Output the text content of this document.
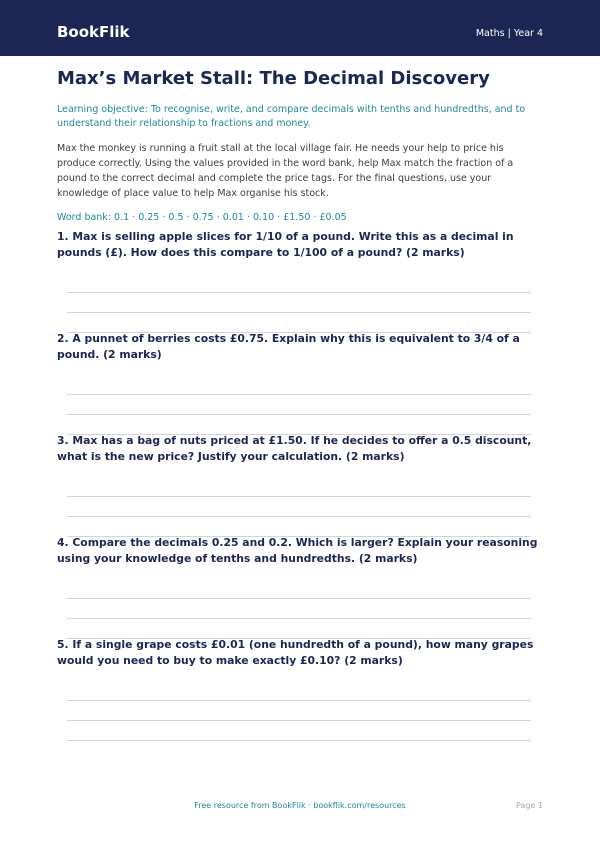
BookFlik	Maths | Year 4
Max’s Market Stall: The Decimal Discovery
Learning objective: To recognise, write, and compare decimals with tenths and hundredths, and to understand their relationship to fractions and money.
Max the monkey is running a fruit stall at the local village fair. He needs your help to price his produce correctly. Using the values provided in the word bank, help Max match the fraction of a pound to the correct decimal and complete the price tags. For the final questions, use your knowledge of place value to help Max organise his stock.
Word bank: 0.1 · 0.25 · 0.5 · 0.75 · 0.01 · 0.10 · £1.50 · £0.05

1. Max is selling apple slices for 1/10 of a pound. Write this as a decimal in pounds (£). How does this compare to 1/100 of a pound? (2 marks)

2. A punnet of berries costs £0.75. Explain why this is equivalent to 3/4 of a pound. (2 marks)

3. Max has a bag of nuts priced at £1.50. If he decides to offer a 0.5 discount, what is the new price? Justify your calculation. (2 marks)

4. Compare the decimals 0.25 and 0.2. Which is larger? Explain your reasoning using your knowledge of tenths and hundredths. (2 marks)

5. If a single grape costs £0.01 (one hundredth of a pound), how many grapes would you need to buy to make exactly £0.10? (2 marks)

Free resource from BookFlik · bookflik.com/resources	Page 1
